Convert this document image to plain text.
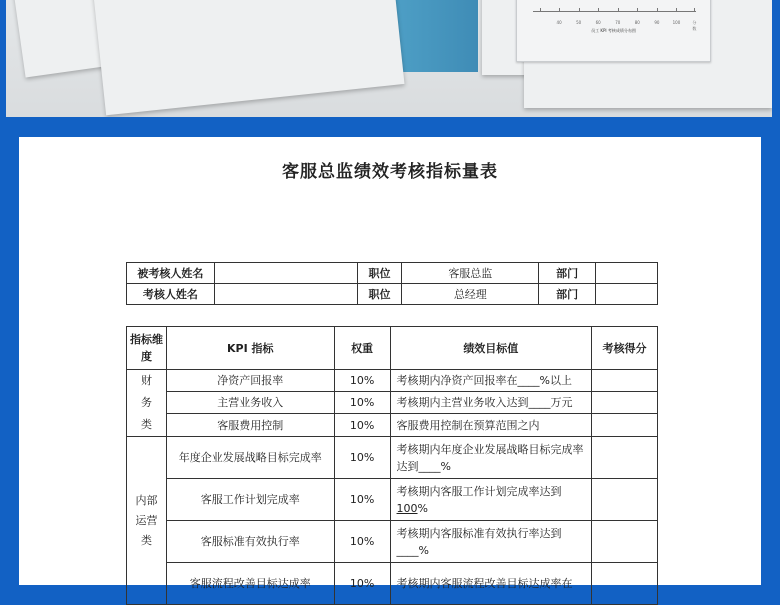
40	50	60	70	80	90	100	分数
员工 KPI 考核成绩分布图
客服总监绩效考核指标量表
被考核人姓名		职位	客服总监	部门	
考核人姓名		职位	总经理	部门	
指标维度	KPI 指标	权重	绩效目标值	考核得分
财务类	净资产回报率	10%	考核期内净资产回报率在____%以上	
	主营业务收入	10%	考核期内主营业务收入达到____万元	
	客服费用控制	10%	客服费用控制在预算范围之内	
内部运营类	年度企业发展战略目标完成率	10%	考核期内年度企业发展战略目标完成率达到____%	
	客服工作计划完成率	10%	考核期内客服工作计划完成率达到100%	
	客服标准有效执行率	10%	考核期内客服标准有效执行率达到____%	
	客服流程改善目标达成率	10%	考核期内客服流程改善目标达成率在	
